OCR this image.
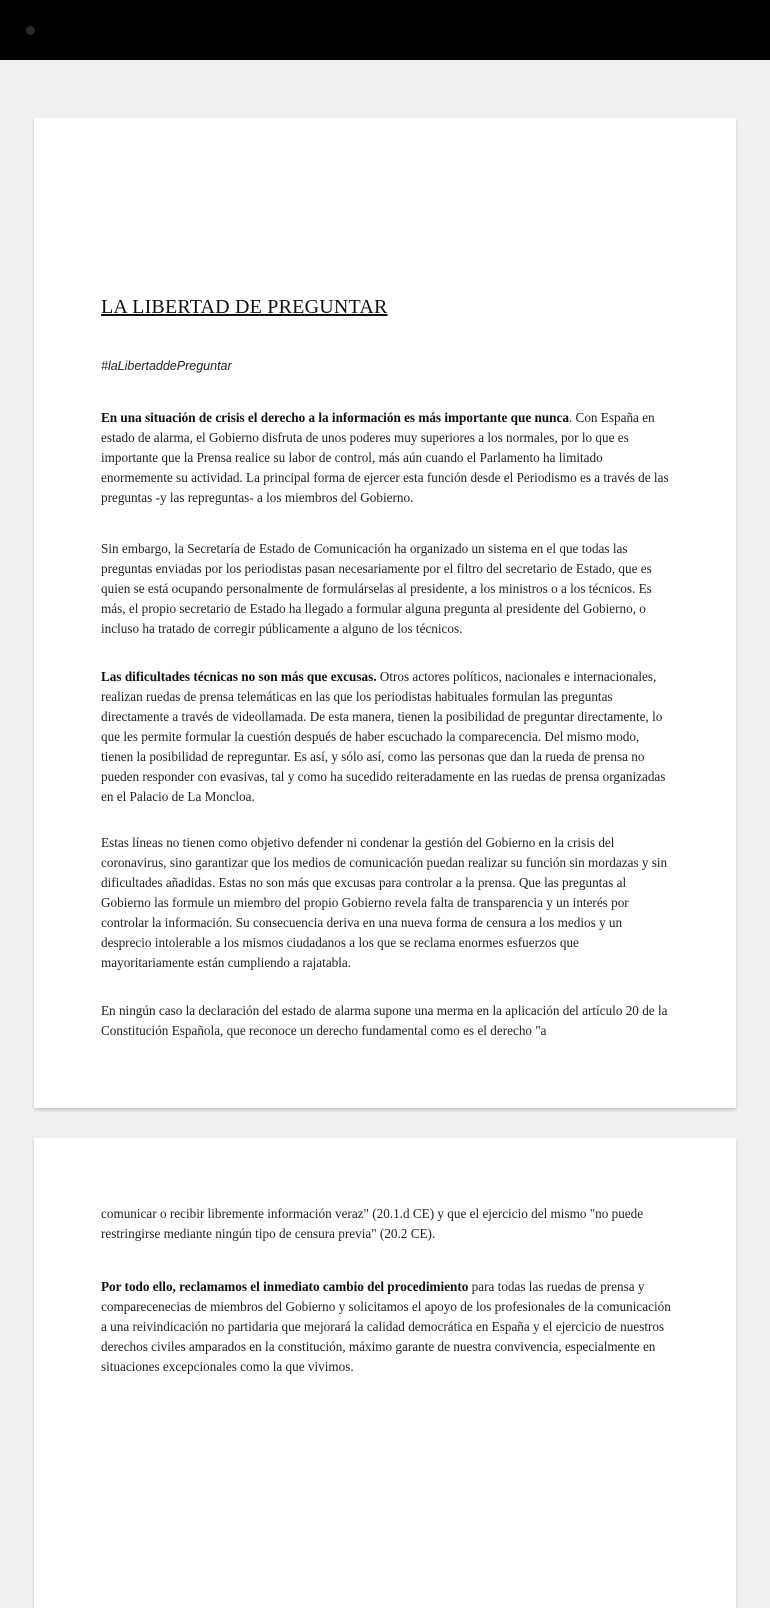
LA LIBERTAD DE PREGUNTAR
#laLibertaddePreguntar

En una situación de crisis el derecho a la información es más importante que nunca. Con España en estado de alarma, el Gobierno disfruta de unos poderes muy superiores a los normales, por lo que es importante que la Prensa realice su labor de control, más aún cuando el Parlamento ha limitado enormemente su actividad. La principal forma de ejercer esta función desde el Periodismo es a través de las preguntas -y las repreguntas- a los miembros del Gobierno.

Sin embargo, la Secretaría de Estado de Comunicación ha organizado un sistema en el que todas las preguntas enviadas por los periodistas pasan necesariamente por el filtro del secretario de Estado, que es quien se está ocupando personalmente de formulárselas al presidente, a los ministros o a los técnicos. Es más, el propio secretario de Estado ha llegado a formular alguna pregunta al presidente del Gobierno, o incluso ha tratado de corregir públicamente a alguno de los técnicos.

Las dificultades técnicas no son más que excusas. Otros actores políticos, nacionales e internacionales, realizan ruedas de prensa telemáticas en las que los periodistas habituales formulan las preguntas directamente a través de videollamada. De esta manera, tienen la posibilidad de preguntar directamente, lo que les permite formular la cuestión después de haber escuchado la comparecencia. Del mismo modo, tienen la posibilidad de repreguntar. Es así, y sólo así, como las personas que dan la rueda de prensa no pueden responder con evasivas, tal y como ha sucedido reiteradamente en las ruedas de prensa organizadas en el Palacio de La Moncloa.

Estas líneas no tienen como objetivo defender ni condenar la gestión del Gobierno en la crisis del coronavirus, sino garantizar que los medios de comunicación puedan realizar su función sin mordazas y sin dificultades añadidas. Estas no son más que excusas para controlar a la prensa. Que las preguntas al Gobierno las formule un miembro del propio Gobierno revela falta de transparencia y un interés por controlar la información. Su consecuencia deriva en una nueva forma de censura a los medios y un desprecio intolerable a los mismos ciudadanos a los que se reclama enormes esfuerzos que mayoritariamente están cumpliendo a rajatabla.

En ningún caso la declaración del estado de alarma supone una merma en la aplicación del artículo 20 de la Constitución Española, que reconoce un derecho fundamental como es el derecho "a

comunicar o recibir libremente información veraz" (20.1.d CE) y que el ejercicio del mismo "no puede restringirse mediante ningún tipo de censura previa" (20.2 CE).

Por todo ello, reclamamos el inmediato cambio del procedimiento para todas las ruedas de prensa y comparecenecias de miembros del Gobierno y solicitamos el apoyo de los profesionales de la comunicación a una reivindicación no partidaria que mejorará la calidad democrática en España y el ejercicio de nuestros derechos civiles amparados en la constitución, máximo garante de nuestra convivencia, especialmente en situaciones excepcionales como la que vivimos.
